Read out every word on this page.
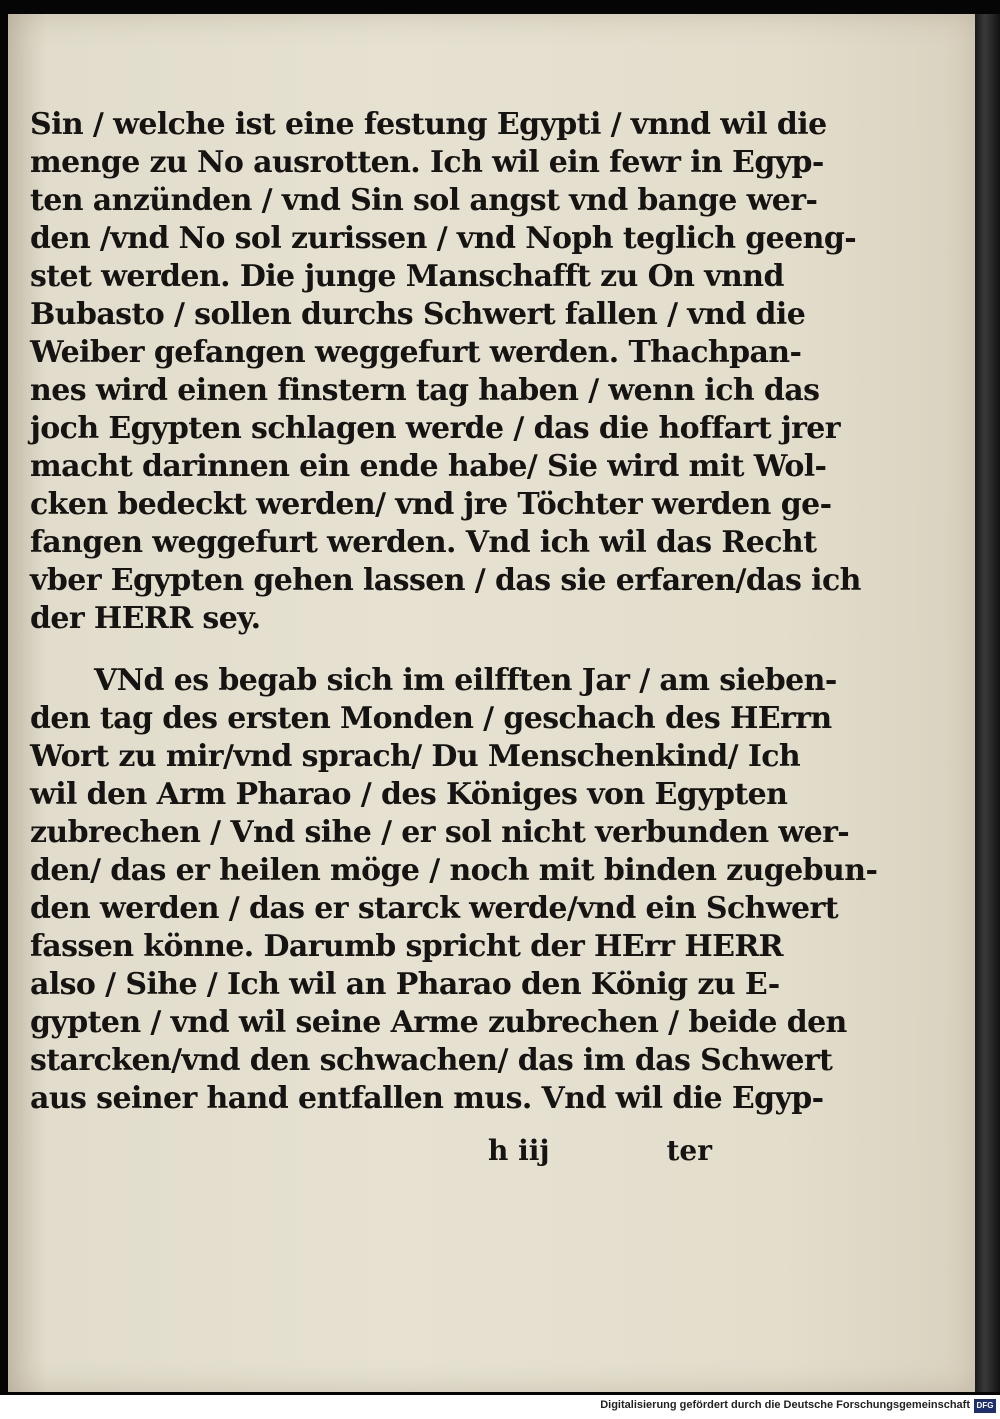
Sin / welche ist eine festung Egypti / vnnd wil die
menge zu No ausrotten. Ich wil ein fewr in Egyp-
ten anzünden / vnd Sin sol angst vnd bange wer-
den /vnd No sol zurissen / vnd Noph teglich geeng-
stet werden. Die junge Manschafft zu On vnnd
Bubasto / sollen durchs Schwert fallen / vnd die
Weiber gefangen weggefurt werden. Thachpan-
nes wird einen finstern tag haben / wenn ich das
joch Egypten schlagen werde / das die hoffart jrer
macht darinnen ein ende habe/ Sie wird mit Wol-
cken bedeckt werden/ vnd jre Töchter werden ge-
fangen weggefurt werden. Vnd ich wil das Recht
vber Egypten gehen lassen / das sie erfaren/das ich
der HERR sey.
VNd es begab sich im eilfften Jar / am sieben-
den tag des ersten Monden / geschach des HErrn
Wort zu mir/vnd sprach/ Du Menschenkind/ Ich
wil den Arm Pharao / des Königes von Egypten
zubrechen / Vnd sihe / er sol nicht verbunden wer-
den/ das er heilen möge / noch mit binden zugebun-
den werden / das er starck werde/vnd ein Schwert
fassen könne. Darumb spricht der HErr HERR
also / Sihe / Ich wil an Pharao den König zu E-
gypten / vnd wil seine Arme zubrechen / beide den
starcken/vnd den schwachen/ das im das Schwert
aus seiner hand entfallen mus. Vnd wil die Egyp-
h iij	ter
Digitalisierung gefördert durch die Deutsche Forschungsgemeinschaft DFG
